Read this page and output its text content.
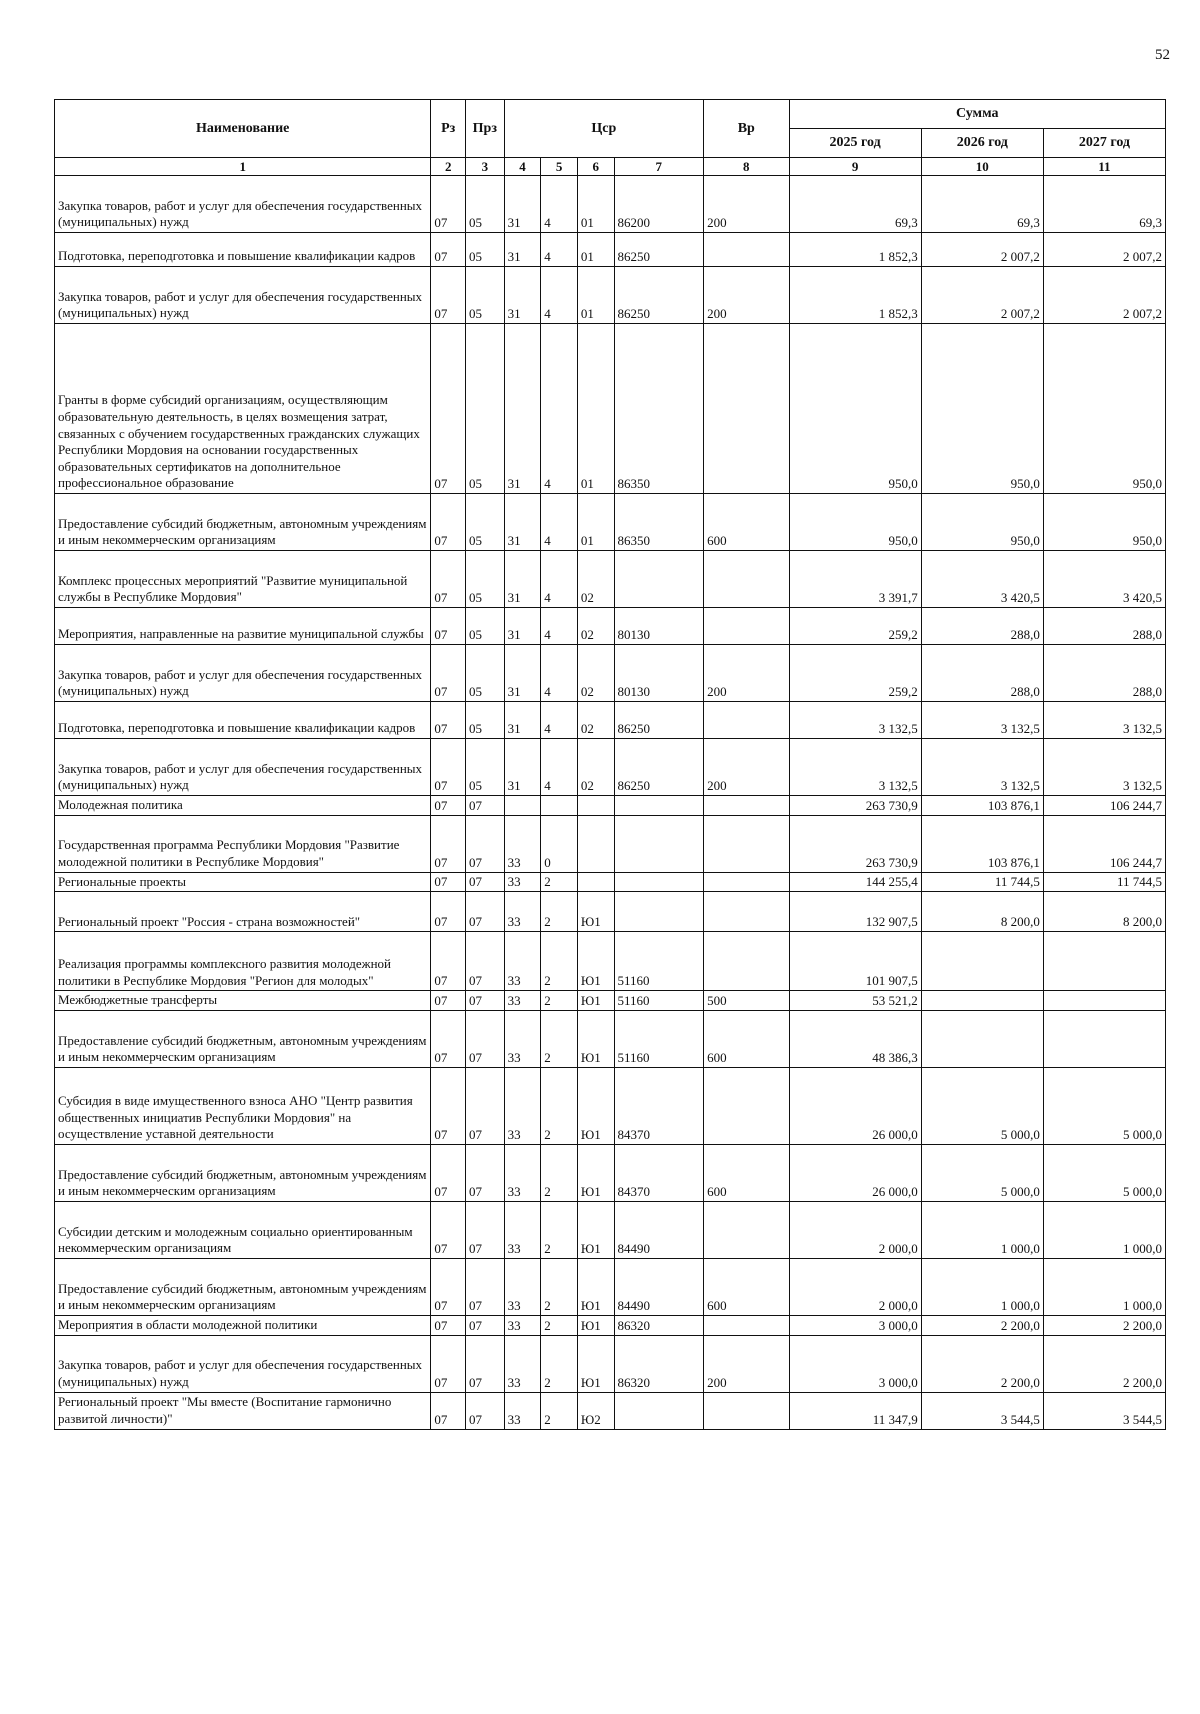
52
Наименование	Рз	Прз	Цср				Вр	Сумма		
								2025 год	2026 год	2027 год
1	2	3	4	5	6	7	8	9	10	11
Закупка товаров, работ и услуг для обеспечения государственных (муниципальных) нужд	07	05	31	4	01	86200	200	69,3	69,3	69,3
Подготовка, переподготовка и повышение квалификации кадров	07	05	31	4	01	86250		1 852,3	2 007,2	2 007,2
Закупка товаров, работ и услуг для обеспечения государственных (муниципальных) нужд	07	05	31	4	01	86250	200	1 852,3	2 007,2	2 007,2
Гранты в форме субсидий организациям, осуществляющим образовательную деятельность, в целях возмещения затрат, связанных с обучением государственных гражданских служащих Республики Мордовия на основании государственных образовательных сертификатов на дополнительное профессиональное образование	07	05	31	4	01	86350		950,0	950,0	950,0
Предоставление субсидий бюджетным, автономным учреждениям и иным некоммерческим организациям	07	05	31	4	01	86350	600	950,0	950,0	950,0
Комплекс процессных мероприятий "Развитие муниципальной службы в Республике Мордовия"	07	05	31	4	02			3 391,7	3 420,5	3 420,5
Мероприятия, направленные на развитие муниципальной службы	07	05	31	4	02	80130		259,2	288,0	288,0
Закупка товаров, работ и услуг для обеспечения государственных (муниципальных) нужд	07	05	31	4	02	80130	200	259,2	288,0	288,0
Подготовка, переподготовка и повышение квалификации кадров	07	05	31	4	02	86250		3 132,5	3 132,5	3 132,5
Закупка товаров, работ и услуг для обеспечения государственных (муниципальных) нужд	07	05	31	4	02	86250	200	3 132,5	3 132,5	3 132,5
Молодежная политика	07	07						263 730,9	103 876,1	106 244,7
Государственная программа Республики Мордовия "Развитие молодежной политики в Республике Мордовия"	07	07	33	0				263 730,9	103 876,1	106 244,7
Региональные проекты	07	07	33	2				144 255,4	11 744,5	11 744,5
Региональный проект "Россия - страна возможностей"	07	07	33	2	Ю1			132 907,5	8 200,0	8 200,0
Реализация программы комплексного развития молодежной политики в Республике Мордовия "Регион для молодых"	07	07	33	2	Ю1	51160		101 907,5		
Межбюджетные трансферты	07	07	33	2	Ю1	51160	500	53 521,2		
Предоставление субсидий бюджетным, автономным учреждениям и иным некоммерческим организациям	07	07	33	2	Ю1	51160	600	48 386,3		
Субсидия в виде имущественного взноса АНО "Центр развития общественных инициатив Республики Мордовия" на осуществление уставной деятельности	07	07	33	2	Ю1	84370		26 000,0	5 000,0	5 000,0
Предоставление субсидий бюджетным, автономным учреждениям и иным некоммерческим организациям	07	07	33	2	Ю1	84370	600	26 000,0	5 000,0	5 000,0
Субсидии детским и молодежным социально ориентированным некоммерческим организациям	07	07	33	2	Ю1	84490		2 000,0	1 000,0	1 000,0
Предоставление субсидий бюджетным, автономным учреждениям и иным некоммерческим организациям	07	07	33	2	Ю1	84490	600	2 000,0	1 000,0	1 000,0
Мероприятия в области молодежной политики	07	07	33	2	Ю1	86320		3 000,0	2 200,0	2 200,0
Закупка товаров, работ и услуг для обеспечения государственных (муниципальных) нужд	07	07	33	2	Ю1	86320	200	3 000,0	2 200,0	2 200,0
Региональный проект "Мы вместе (Воспитание гармонично развитой личности)"	07	07	33	2	Ю2			11 347,9	3 544,5	3 544,5
